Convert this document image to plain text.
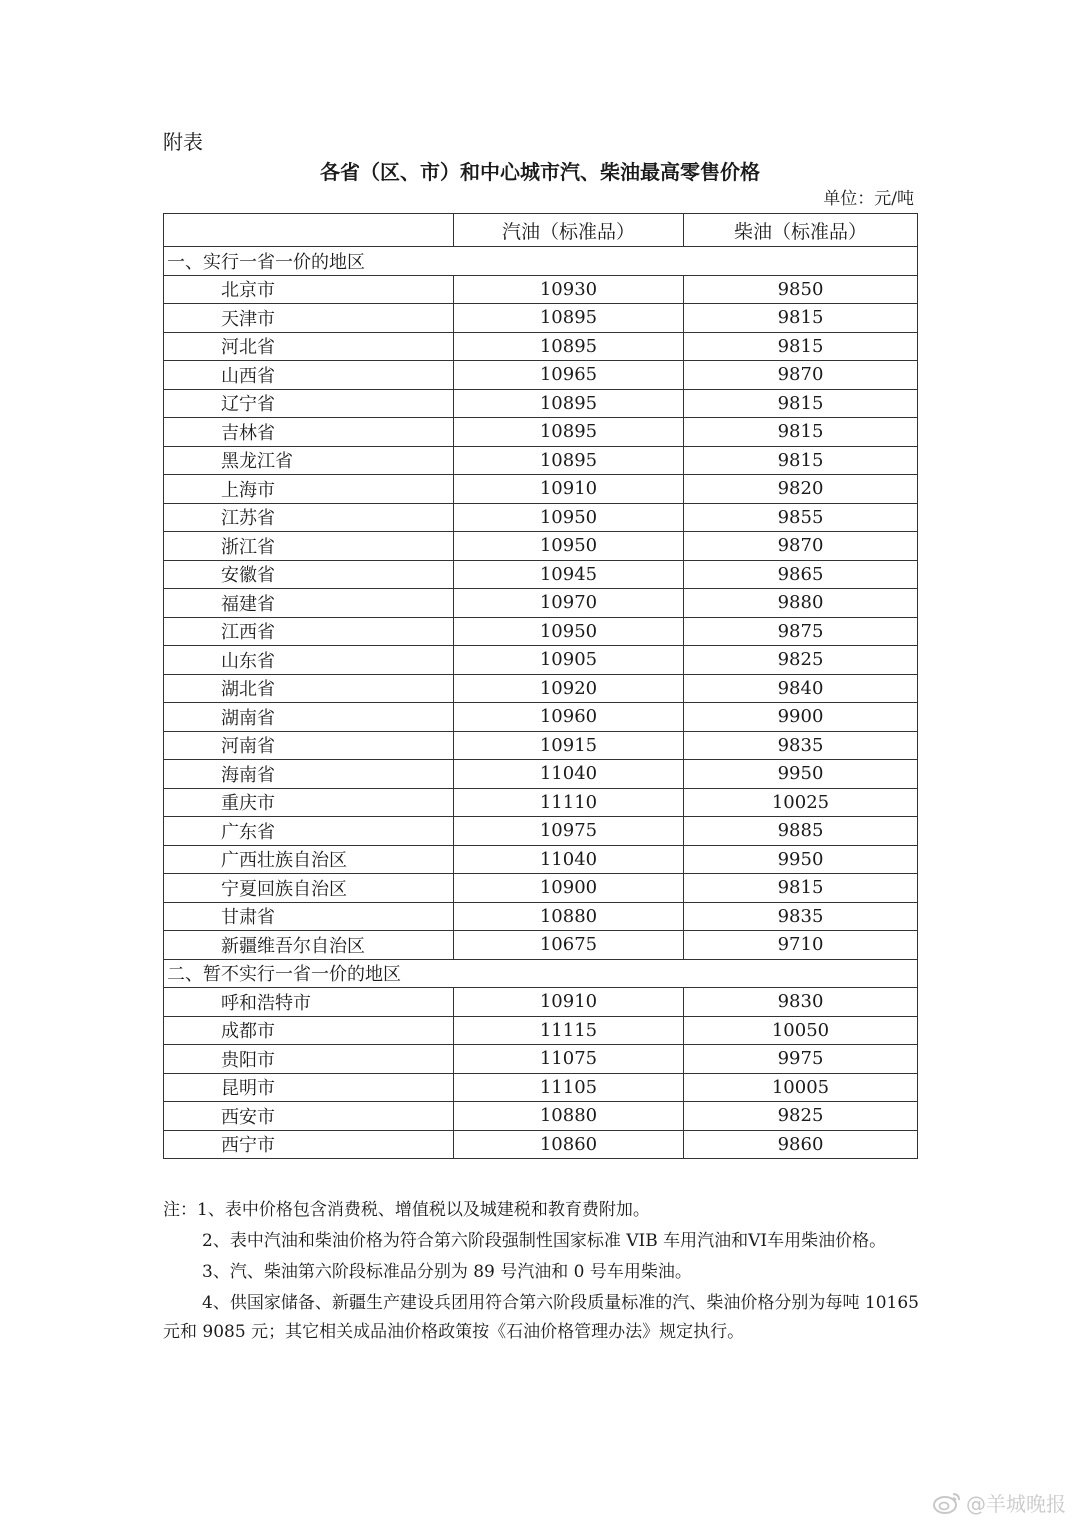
附表
各省（区、市）和中心城市汽、柴油最高零售价格
单位：元/吨
	汽油（标准品）	柴油（标准品）
一、实行一省一价的地区		
北京市	10930	9850
天津市	10895	9815
河北省	10895	9815
山西省	10965	9870
辽宁省	10895	9815
吉林省	10895	9815
黑龙江省	10895	9815
上海市	10910	9820
江苏省	10950	9855
浙江省	10950	9870
安徽省	10945	9865
福建省	10970	9880
江西省	10950	9875
山东省	10905	9825
湖北省	10920	9840
湖南省	10960	9900
河南省	10915	9835
海南省	11040	9950
重庆市	11110	10025
广东省	10975	9885
广西壮族自治区	11040	9950
宁夏回族自治区	10900	9815
甘肃省	10880	9835
新疆维吾尔自治区	10675	9710
二、暂不实行一省一价的地区		
呼和浩特市	10910	9830
成都市	11115	10050
贵阳市	11075	9975
昆明市	11105	10005
西安市	10880	9825
西宁市	10860	9860

注：1、表中价格包含消费税、增值税以及城建税和教育费附加。

2、表中汽油和柴油价格为符合第六阶段强制性国家标准 VIB 车用汽油和VI车用柴油价格。

3、汽、柴油第六阶段标准品分别为 89 号汽油和 0 号车用柴油。

4、供国家储备、新疆生产建设兵团用符合第六阶段质量标准的汽、柴油价格分别为每吨 10165 元和 9085 元；其它相关成品油价格政策按《石油价格管理办法》规定执行。

@羊城晚报
